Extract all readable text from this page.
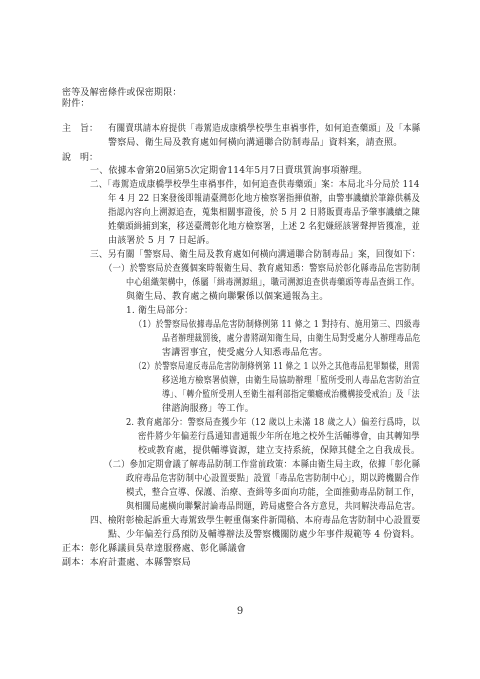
密等及解密條件或保密期限：
附件：
主　旨： 有關賣琪請本府提供「毒駕造成康橋學校學生車禍事件，如何追查藥頭」及「本縣
警察局、衛生局及教育處如何橫向溝通聯合防制毒品」資料案，請查照。
說　明：
一、依據本會第20屆第5次定期會114年5月7日賣琪質詢事項辦理。
二、「毒駕造成康橋學校學生車禍事件，如何追查供毒藥頭」案：本局北斗分局於 114
年 4 月 22 日案發後即報請臺灣彰化地方檢察署指揮偵辦，由警事譏續於筆錄供稱及
指認內容向上溯源追查，蒐集相關事證後，於 5 月 2 日將販賣毒品予肇事譏續之陳
姓藥頭緝捕到案，移送臺灣彰化地方檢察署，上述 2 名犯嫌經該署聲押皆獲准，並
由該署於 5 月 7 日起訴。
三、另有關「警察局、衛生局及教育處如何橫向溝通聯合防制毒品」案，回復如下：
（一）於警察局於查獲個案時報衛生局、教育處知悉：警察局於彰化縣毒品危害防制
中心組織架構中，係屬「緝毒溯源組」，職司溯源追查供毒藥頭等毒品查緝工作。
與衛生局、教育處之橫向聯繫係以個案通報為主。
1. 衛生局部分：
（1）於警察局依據毒品危害防制條例第 11 條之 1 對持有、施用第三、四級毒
品者辦理裁罰後，處分書將副知衛生局，由衛生局對受處分人辦理毒品危
害講習事宜，使受處分人知悉毒品危害。
（2）於警察局違反毒品危害防制條例第 11 條之 1 以外之其他毒品犯罪類樣，則需
移送地方檢察署偵辦，由衛生局協助辦理「監所受刑人毒品危害防治宣
導」、「轉介監所受刑人至衛生福利部指定藥癮戒治機構接受戒治」及「法
律諮詢服務」等工作。
2. 教育處部分：警察局查獲少年（12 歲以上未滿 18 歲之人）偏差行爲時，以
密件將少年偏差行爲通知書通報少年所在地之校外生活輔導會，由其轉知學
校或教育處，提供輔導資源，建立支持系統，保障其健全之自我成長。
（二）參加定期會議了解毒品防制工作當前政策：本縣由衛生局主政，依據「彰化縣
政府毒品危害防制中心設置要點」設置「毒品危害防制中心」，期以跨機關合作
模式，整合宣導、保護、治療、查緝等多面向功能，全面推動毒品防制工作，
與相關局處橫向聯繫討論毒品問題，跨局處整合各方意見，共同解決毒品危害。
四、檢附彰檢起訴重大毒駕致學生輕重傷案件新聞稿、本府毒品危害防制中心設置要
點、少年偏差行爲預防及輔導辦法及警察機關防處少年事件規範等 4 份資料。
正本：彰化縣議員吳韋達服務處、彰化縣議會
副本：本府計畫處、本縣警察局
9
